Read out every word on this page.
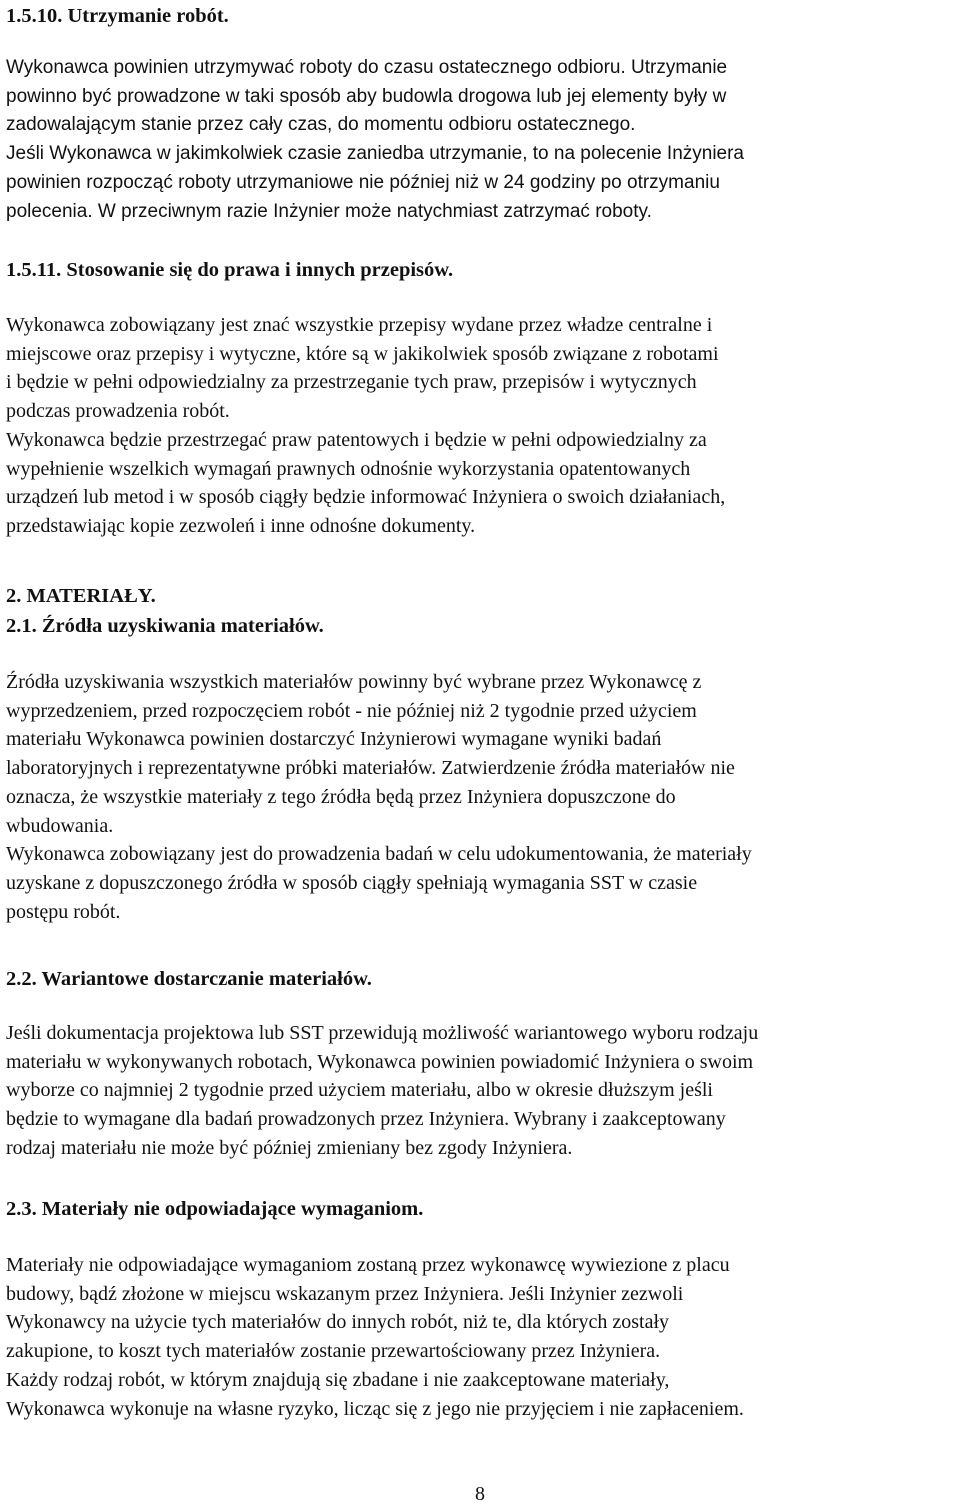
1.5.10. Utrzymanie robót.
Wykonawca powinien utrzymywać roboty do czasu ostatecznego odbioru. Utrzymanie
powinno być prowadzone w taki sposób aby budowla drogowa lub jej elementy były w
zadowalającym stanie przez cały czas, do momentu odbioru ostatecznego.
Jeśli Wykonawca w jakimkolwiek czasie zaniedba utrzymanie, to na polecenie Inżyniera
powinien rozpocząć roboty utrzymaniowe nie później niż w 24 godziny po otrzymaniu
polecenia. W przeciwnym razie Inżynier może natychmiast zatrzymać roboty.
1.5.11. Stosowanie się do prawa i innych przepisów.
Wykonawca zobowiązany jest znać wszystkie przepisy wydane przez władze centralne i
miejscowe oraz przepisy i wytyczne, które są w jakikolwiek sposób związane z robotami
i będzie w pełni odpowiedzialny za przestrzeganie tych praw, przepisów i wytycznych
podczas prowadzenia robót.
Wykonawca będzie przestrzegać praw patentowych i będzie w pełni odpowiedzialny za
wypełnienie wszelkich wymagań prawnych odnośnie wykorzystania opatentowanych
urządzeń lub metod i w sposób ciągły będzie informować Inżyniera o swoich działaniach,
przedstawiając kopie zezwoleń i inne odnośne dokumenty.
2. MATERIAŁY.
2.1. Źródła uzyskiwania materiałów.
Źródła uzyskiwania wszystkich materiałów powinny być wybrane przez Wykonawcę z
wyprzedzeniem, przed rozpoczęciem robót - nie później niż 2 tygodnie przed użyciem
materiału Wykonawca powinien dostarczyć Inżynierowi wymagane wyniki badań
laboratoryjnych i reprezentatywne próbki materiałów. Zatwierdzenie źródła materiałów nie
oznacza, że wszystkie materiały z tego źródła będą przez Inżyniera dopuszczone do
wbudowania.
Wykonawca zobowiązany jest do prowadzenia badań w celu udokumentowania, że materiały
uzyskane z dopuszczonego źródła w sposób ciągły spełniają wymagania SST w czasie
postępu robót.
2.2. Wariantowe dostarczanie materiałów.
Jeśli dokumentacja projektowa lub SST przewidują możliwość wariantowego wyboru rodzaju
materiału w wykonywanych robotach, Wykonawca powinien powiadomić Inżyniera o swoim
wyborze co najmniej 2 tygodnie przed użyciem materiału, albo w okresie dłuższym jeśli
będzie to wymagane dla badań prowadzonych przez Inżyniera. Wybrany i zaakceptowany
rodzaj materiału nie może być później zmieniany bez zgody Inżyniera.
2.3. Materiały nie odpowiadające wymaganiom.
Materiały nie odpowiadające wymaganiom zostaną przez wykonawcę wywiezione z placu
budowy, bądź złożone w miejscu wskazanym przez Inżyniera. Jeśli Inżynier zezwoli
Wykonawcy na użycie tych materiałów do innych robót, niż te, dla których zostały
zakupione, to koszt tych materiałów zostanie przewartościowany przez Inżyniera.
Każdy rodzaj robót, w którym znajdują się zbadane i nie zaakceptowane materiały,
Wykonawca wykonuje na własne ryzyko, licząc się z jego nie przyjęciem i nie zapłaceniem.
8
